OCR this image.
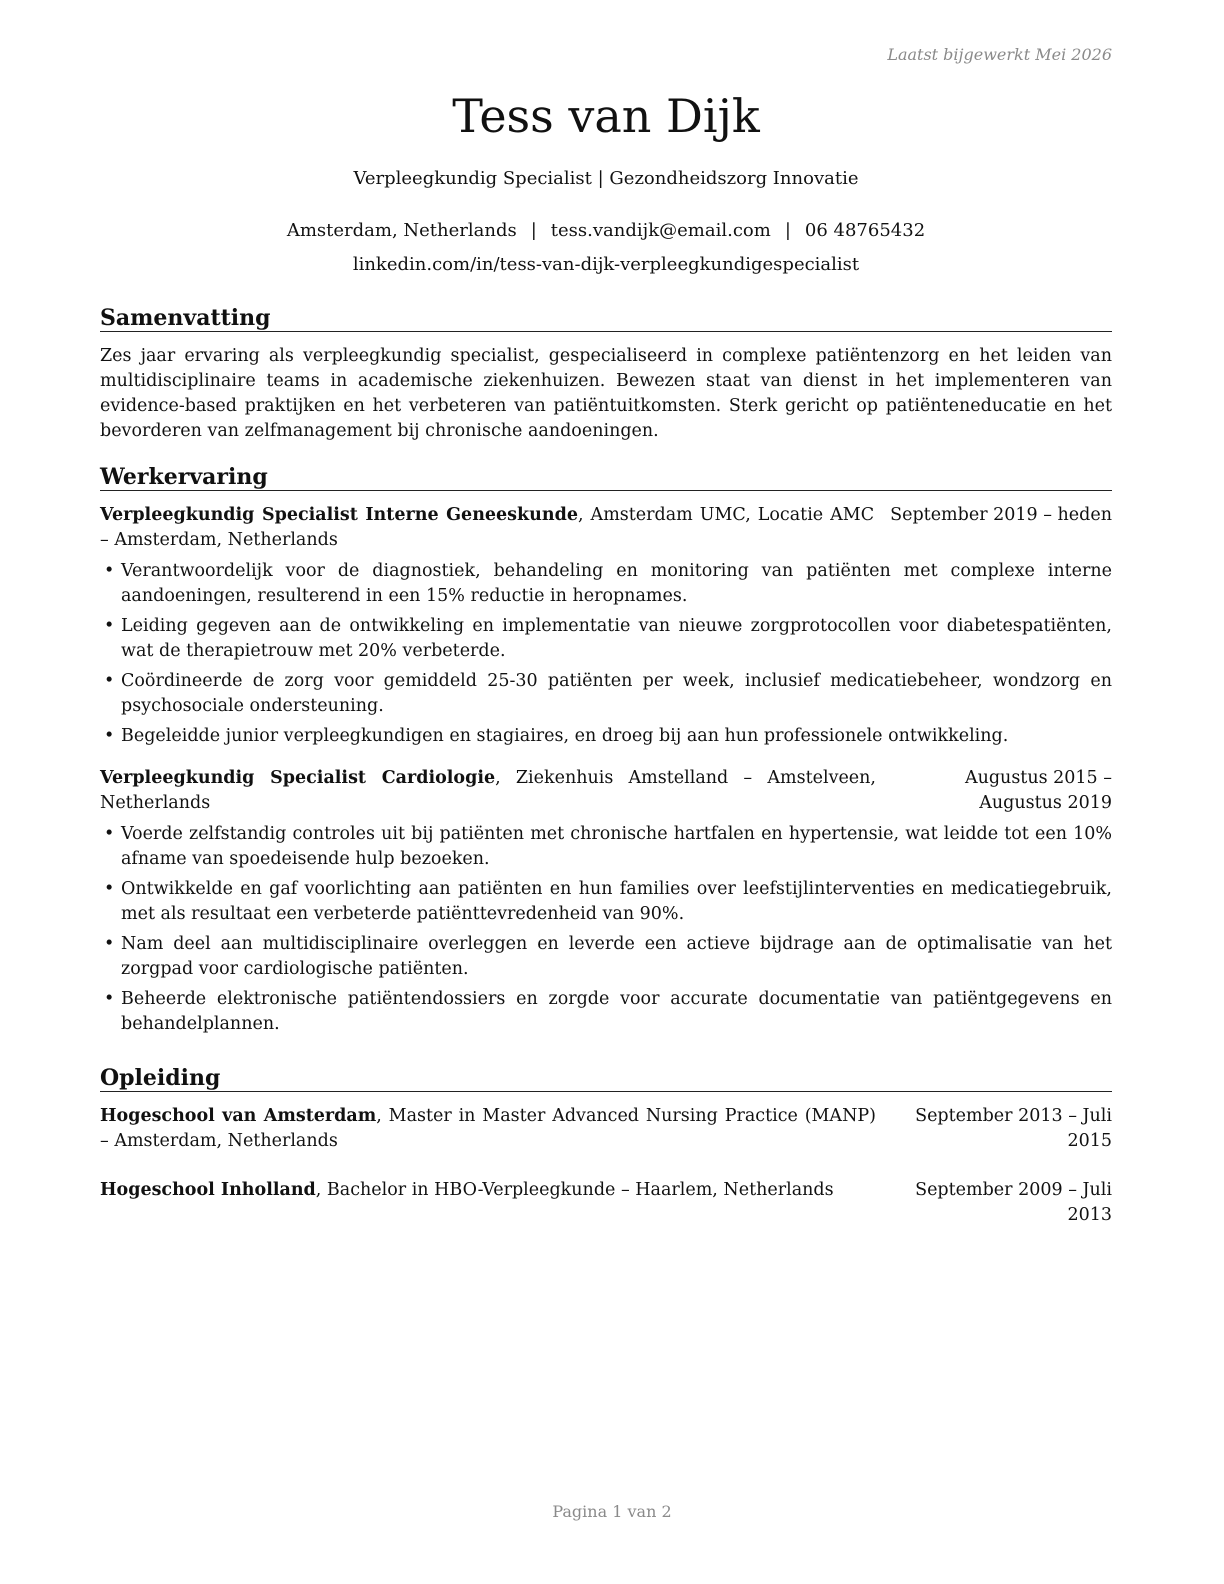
Laatst bijgewerkt Mei 2026
Tess van Dijk
Verpleegkundig Specialist | Gezondheidszorg Innovatie
Amsterdam, Netherlands | tess.vandijk@email.com | 06 48765432
linkedin.com/in/tess-van-dijk-verpleegkundigespecialist
Samenvatting

Zes jaar ervaring als verpleegkundig specialist, gespecialiseerd in complexe patiëntenzorg en het leiden van multidisciplinaire teams in academische ziekenhuizen. Bewezen staat van dienst in het implementeren van evidence-based praktijken en het verbeteren van patiëntuitkomsten. Sterk gericht op patiënteneducatie en het bevorderen van zelfmanagement bij chronische aandoeningen.

Werkervaring
Verpleegkundig Specialist Interne Geneeskunde, Amsterdam UMC, Locatie AMC – Amsterdam, Netherlands
September 2019 – heden
• Verantwoordelijk voor de diagnostiek, behandeling en monitoring van patiënten met complexe interne aandoeningen, resulterend in een 15% reductie in heropnames.
• Leiding gegeven aan de ontwikkeling en implementatie van nieuwe zorgprotocollen voor diabetespatiënten, wat de therapietrouw met 20% verbeterde.
• Coördineerde de zorg voor gemiddeld 25-30 patiënten per week, inclusief medicatiebeheer, wondzorg en psychosociale ondersteuning.
• Begeleidde junior verpleegkundigen en stagiaires, en droeg bij aan hun professionele ontwikkeling.
Verpleegkundig Specialist Cardiologie, Ziekenhuis Amstelland – Amstelveen, Netherlands
Augustus 2015 – Augustus 2019
• Voerde zelfstandig controles uit bij patiënten met chronische hartfalen en hypertensie, wat leidde tot een 10% afname van spoedeisende hulp bezoeken.
• Ontwikkelde en gaf voorlichting aan patiënten en hun families over leefstijlinterventies en medicatiegebruik, met als resultaat een verbeterde patiënttevredenheid van 90%.
• Nam deel aan multidisciplinaire overleggen en leverde een actieve bijdrage aan de optimalisatie van het zorgpad voor cardiologische patiënten.
• Beheerde elektronische patiëntendossiers en zorgde voor accurate documentatie van patiëntgegevens en behandelplannen.
Opleiding
Hogeschool van Amsterdam, Master in Master Advanced Nursing Practice (MANP) – Amsterdam, Netherlands
September 2013 – Juli 2015
Hogeschool Inholland, Bachelor in HBO-Verpleegkunde – Haarlem, Netherlands	September 2009 – Juli 2013
Pagina 1 van 2
